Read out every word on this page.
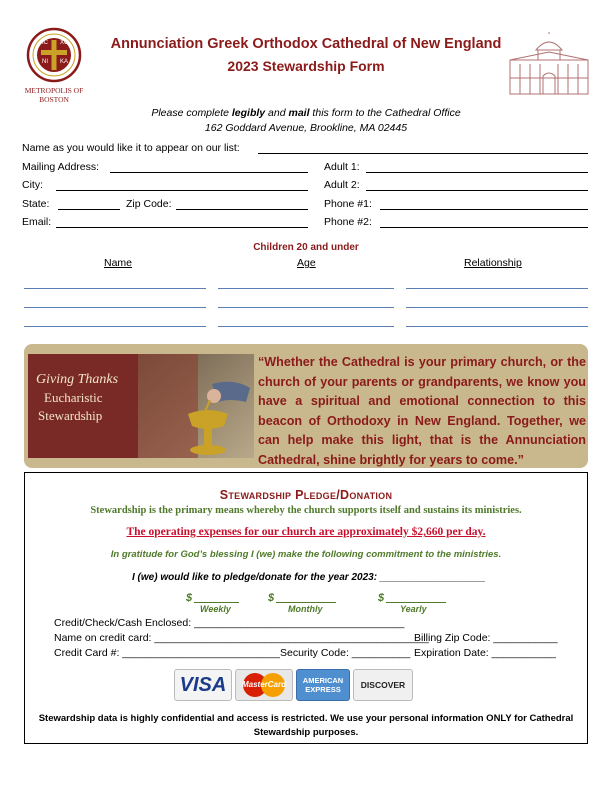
IC XC
NI KA
METROPOLIS OF BOSTON
Annunciation Greek Orthodox Cathedral of New England
2023 Stewardship Form
Please complete legibly and mail this form to the Cathedral Office
162 Goddard Avenue, Brookline, MA 02445
Name as you would like it to appear on our list:
Mailing Address:	Adult 1:
City:	Adult 2:
State:	Zip Code:	Phone #1:
Email:	Phone #2:
Children 20 and under
Name	Age	Relationship
Giving Thanks
Eucharistic
Stewardship
“Whether the Cathedral is your primary church, or the church of your parents or grandparents, we know you have a spiritual and emotional connection to this beacon of Orthodoxy in New England. Together, we can help make this light, that is the Annunciation Cathedral, shine brightly for years to come.”
Stewardship Pledge/Donation
Stewardship is the primary means whereby the church supports itself and sustains its ministries.
The operating expenses for our church are approximately $2,660 per day.
In gratitude for God’s blessing I (we) make the following commitment to the ministries.
I (we) would like to pledge/donate for the year 2023: ___________________
$
Weekly
$
Monthly
$
Yearly
Credit/Check/Cash Enclosed: ____________________________________
Name on credit card: _______________________________________________
Billing Zip Code: ___________
Credit Card #: ___________________________ Security Code: __________ Expiration Date: ___________
VISA	MasterCard	AMERICAN
EXPRESS	DISCOVER
Stewardship data is highly confidential and access is restricted. We use your personal information ONLY for Cathedral Stewardship purposes.
